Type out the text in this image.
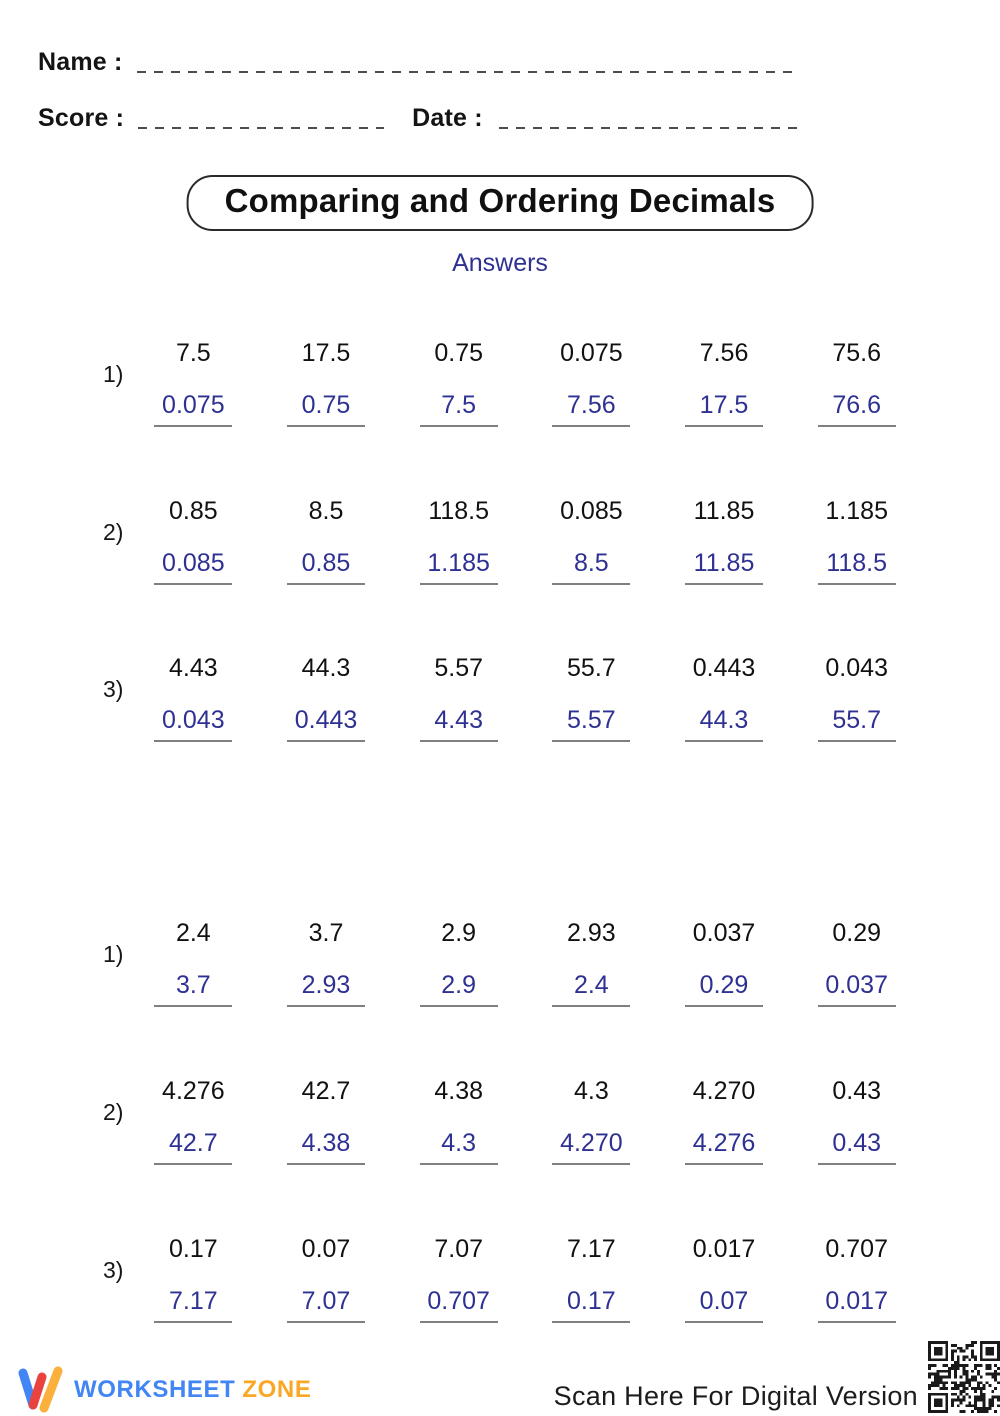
Name :
Score :	Date :
Comparing and Ordering Decimals
Answers
1)
7.5
0.075
17.5
0.75
0.75
7.5
0.075
7.56
7.56
17.5
75.6
76.6
2)
0.85
0.085
8.5
0.85
118.5
1.185
0.085
8.5
11.85
11.85
1.185
118.5
3)
4.43
0.043
44.3
0.443
5.57
4.43
55.7
5.57
0.443
44.3
0.043
55.7
1)
2.4
3.7
3.7
2.93
2.9
2.9
2.93
2.4
0.037
0.29
0.29
0.037
2)
4.276
42.7
42.7
4.38
4.38
4.3
4.3
4.270
4.270
4.276
0.43
0.43
3)
0.17
7.17
0.07
7.07
7.07
0.707
7.17
0.17
0.017
0.07
0.707
0.017
WORKSHEET ZONE	Scan Here For Digital Version
